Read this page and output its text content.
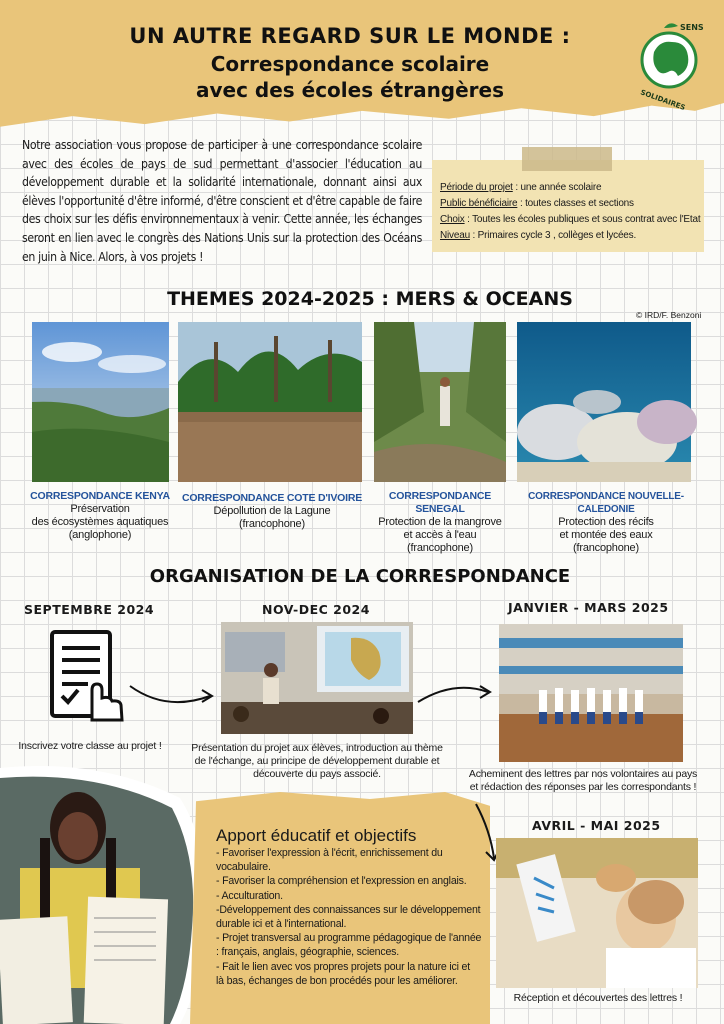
UN AUTRE REGARD SUR LE MONDE :
Correspondance scolaire
avec des écoles étrangères
SENS
SOLIDAIRES
Notre association vous propose de participer à une correspondance scolaire avec des écoles de pays de sud permettant d'associer l'éducation au développement durable et la solidarité internationale, donnant ainsi aux élèves l'opportunité d'être informé, d'être conscient et d'être capable de faire des choix sur les défis environnementaux à venir. Cette année, les échanges seront en lien avec le congrès des Nations Unis sur la protection des Océans en juin à Nice. Alors, à vos projets !
Période du projet : une année scolaire
Public bénéficiaire : toutes classes et sections
Choix : Toutes les écoles publiques et sous contrat avec l'Etat
Niveau : Primaires cycle 3 , collèges et lycées.
THEMES 2024-2025 : MERS & OCEANS
© IRD/F. Benzoni
CORRESPONDANCE KENYA
Préservation
des écosystèmes aquatiques
(anglophone)
CORRESPONDANCE COTE D'IVOIRE
Dépollution de la Lagune
(francophone)
CORRESPONDANCE SENEGAL
Protection de la mangrove
et accès à l'eau
(francophone)
CORRESPONDANCE NOUVELLE-CALEDONIE
Protection des récifs
et montée des eaux
(francophone)
ORGANISATION DE LA CORRESPONDANCE
SEPTEMBRE 2024
Inscrivez votre classe au projet !
NOV-DEC 2024
Présentation du projet aux élèves, introduction au thème
de l'échange, au principe de développement durable et
découverte du pays associé.
JANVIER - MARS 2025
Acheminent des lettres par nos volontaires au pays
et rédaction des réponses par les correspondants !
Apport éducatif et objectifs
- Favoriser l'expression à l'écrit, enrichissement du
vocabulaire.
- Favoriser la compréhension et l'expression en anglais.
- Acculturation.
-Développement des connaissances sur le développement
durable ici et à l'international.
- Projet transversal au programme pédagogique de l'année
: français, anglais, géographie, sciences.
- Fait le lien avec vos propres projets pour la nature ici et
là bas, échanges de bon procédés pour les améliorer.
AVRIL - MAI 2025
Réception et découvertes des lettres !
